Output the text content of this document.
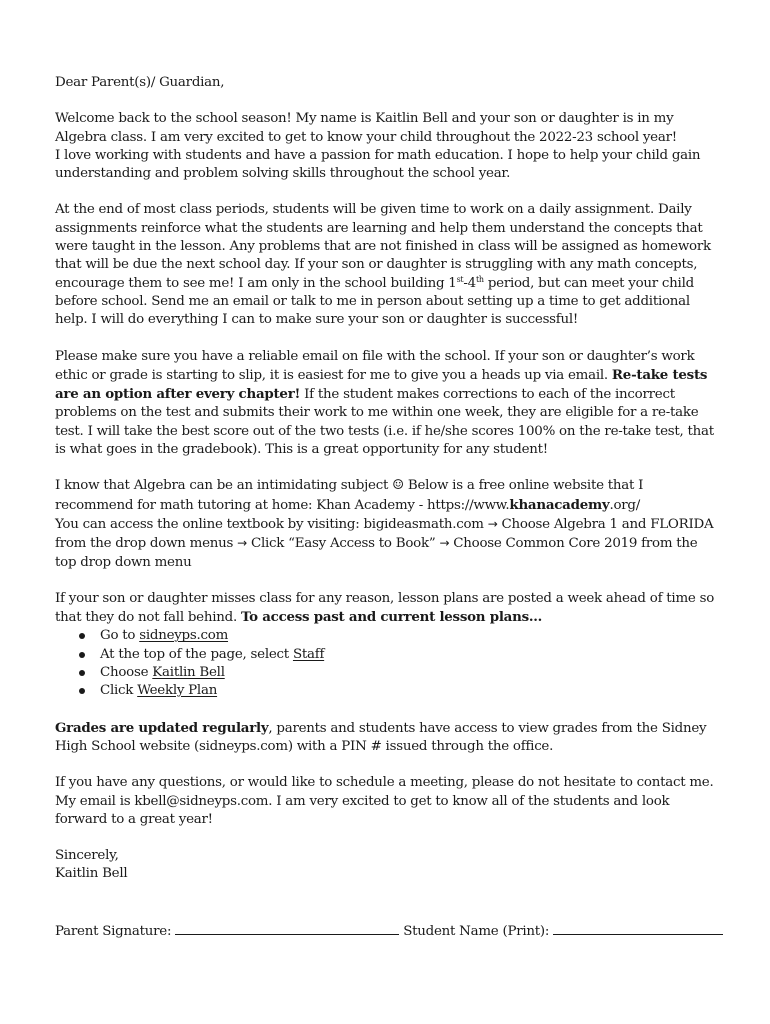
Dear Parent(s)/ Guardian,

Welcome back to the school season! My name is Kaitlin Bell and your son or daughter is in my Algebra class. I am very excited to get to know your child throughout the 2022-23 school year!

I love working with students and have a passion for math education. I hope to help your child gain understanding and problem solving skills throughout the school year.

At the end of most class periods, students will be given time to work on a daily assignment. Daily assignments reinforce what the students are learning and help them understand the concepts that were taught in the lesson. Any problems that are not finished in class will be assigned as homework that will be due the next school day. If your son or daughter is struggling with any math concepts, encourage them to see me! I am only in the school building 1st-4th period, but can meet your child before school. Send me an email or talk to me in person about setting up a time to get additional help. I will do everything I can to make sure your son or daughter is successful!

Please make sure you have a reliable email on file with the school. If your son or daughter’s work ethic or grade is starting to slip, it is easiest for me to give you a heads up via email. Re-take tests are an option after every chapter! If the student makes corrections to each of the incorrect problems on the test and submits their work to me within one week, they are eligible for a re-take test. I will take the best score out of the two tests (i.e. if he/she scores 100% on the re-take test, that is what goes in the gradebook). This is a great opportunity for any student!

I know that Algebra can be an intimidating subject ☺ Below is a free online website that I recommend for math tutoring at home: Khan Academy - https://www.khanacademy.org/

You can access the online textbook by visiting: bigideasmath.com → Choose Algebra 1 and FLORIDA from the drop down menus → Click “Easy Access to Book” → Choose Common Core 2019 from the top drop down menu

If your son or daughter misses class for any reason, lesson plans are posted a week ahead of time so that they do not fall behind. To access past and current lesson plans…

Go to sidneyps.com
At the top of the page, select Staff
Choose Kaitlin Bell
Click Weekly Plan

Grades are updated regularly, parents and students have access to view grades from the Sidney High School website (sidneyps.com) with a PIN # issued through the office.

If you have any questions, or would like to schedule a meeting, please do not hesitate to contact me. My email is kbell@sidneyps.com. I am very excited to get to know all of the students and look forward to a great year!

Sincerely,

Kaitlin Bell

Parent Signature:	Student Name (Print):
